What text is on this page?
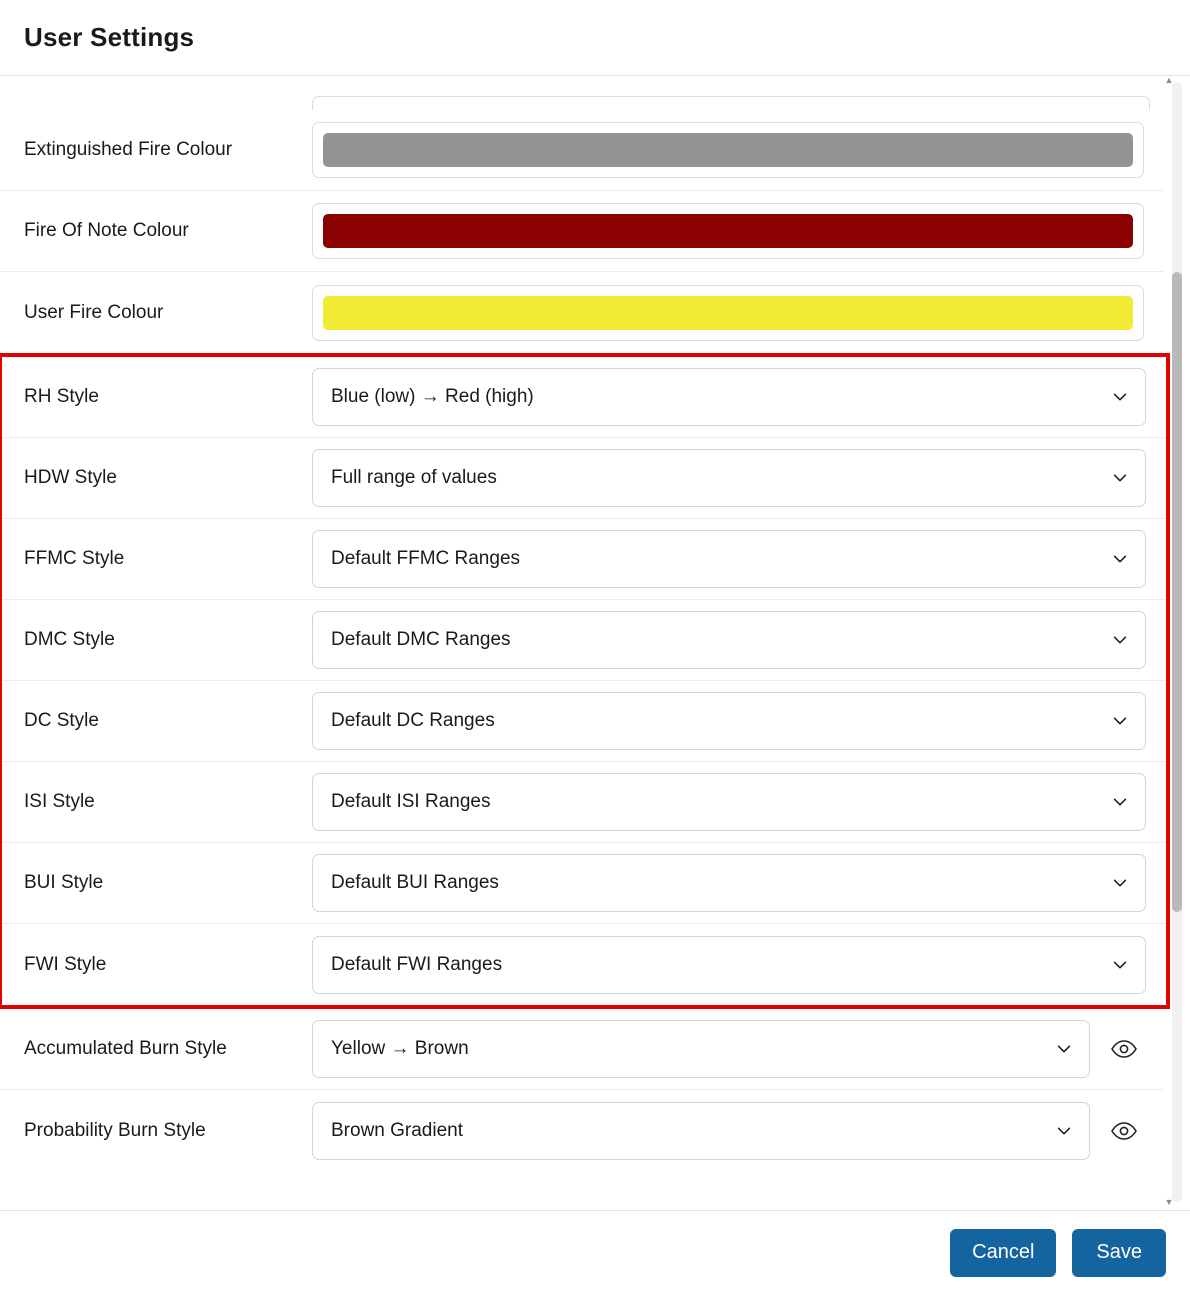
User Settings
Extinguished Fire Colour
Fire Of Note Colour
User Fire Colour
RH Style	Blue (low) → Red (high)
HDW Style	Full range of values
FFMC Style	Default FFMC Ranges
DMC Style	Default DMC Ranges
DC Style	Default DC Ranges
ISI Style	Default ISI Ranges
BUI Style	Default BUI Ranges
FWI Style	Default FWI Ranges
Accumulated Burn Style	Yellow → Brown
Probability Burn Style	Brown Gradient
▲
▼
Cancel	Save
